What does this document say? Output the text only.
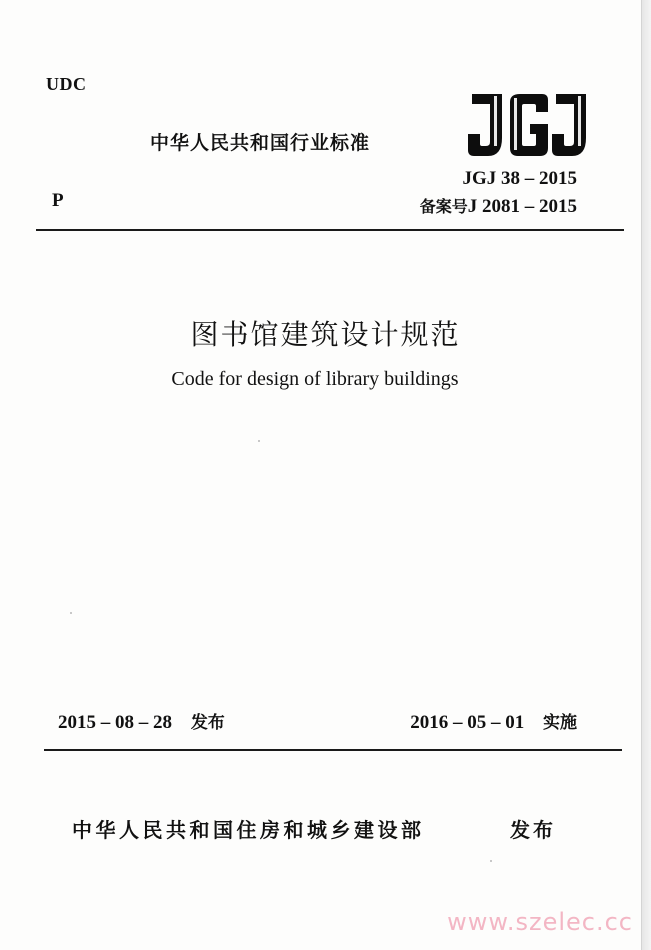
UDC
中华人民共和国行业标准
JGJ 38 – 2015
备案号J 2081 – 2015
P
图书馆建筑设计规范
Code for design of library buildings
2015 – 08 – 28 发布	2016 – 05 – 01 实施
中华人民共和国住房和城乡建设部	发布
www.szelec.cc
